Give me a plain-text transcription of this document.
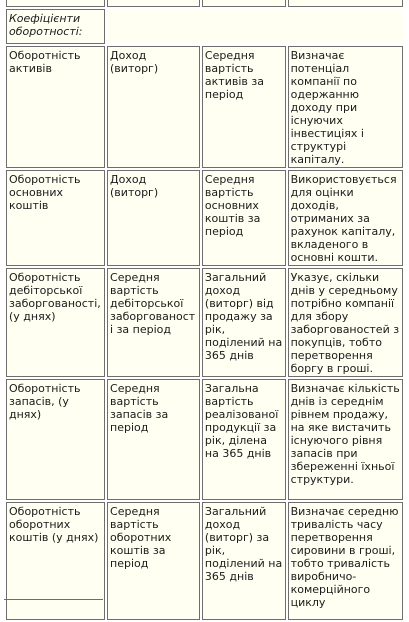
Коефіцієнти оборотності:			
Оборотність активів	Доход (виторг)	Середня вартість активів за період	Визначає потенціал компанії по одержанню доходу при існуючих інвестиціях і структурі капіталу.
Оборотність основних коштів	Доход (виторг)	Середня вартість основних коштів за період	Використовується для оцінки доходів, отриманих за рахунок капіталу, вкладеного в основні кошти.
Оборотність дебіторської заборгованості, (у днях)	Середня вартість дебіторської заборгованості за період	Загальний доход (виторг) від продажу за рік, поділений на 365 днів	Указує, скільки днів у середньому потрібно компанії для збору заборгованостей з покупців, тобто перетворення боргу в гроші.
Оборотність запасів, (у днях)	Середня вартість запасів за період	Загальна вартість реалізованої продукції за рік, ділена на 365 днів	Визначає кількість днів із середнім рівнем продажу, на яке вистачить існуючого рівня запасів при збереженні їхньої структури.
Оборотність оборотних коштів (у днях)	Середня вартість оборотних коштів за період	Загальний доход (виторг) за рік, поділений на 365 днів	Визначає середню тривалість часу перетворення сировини в гроші, тобто тривалість виробничо-комерційного циклу
